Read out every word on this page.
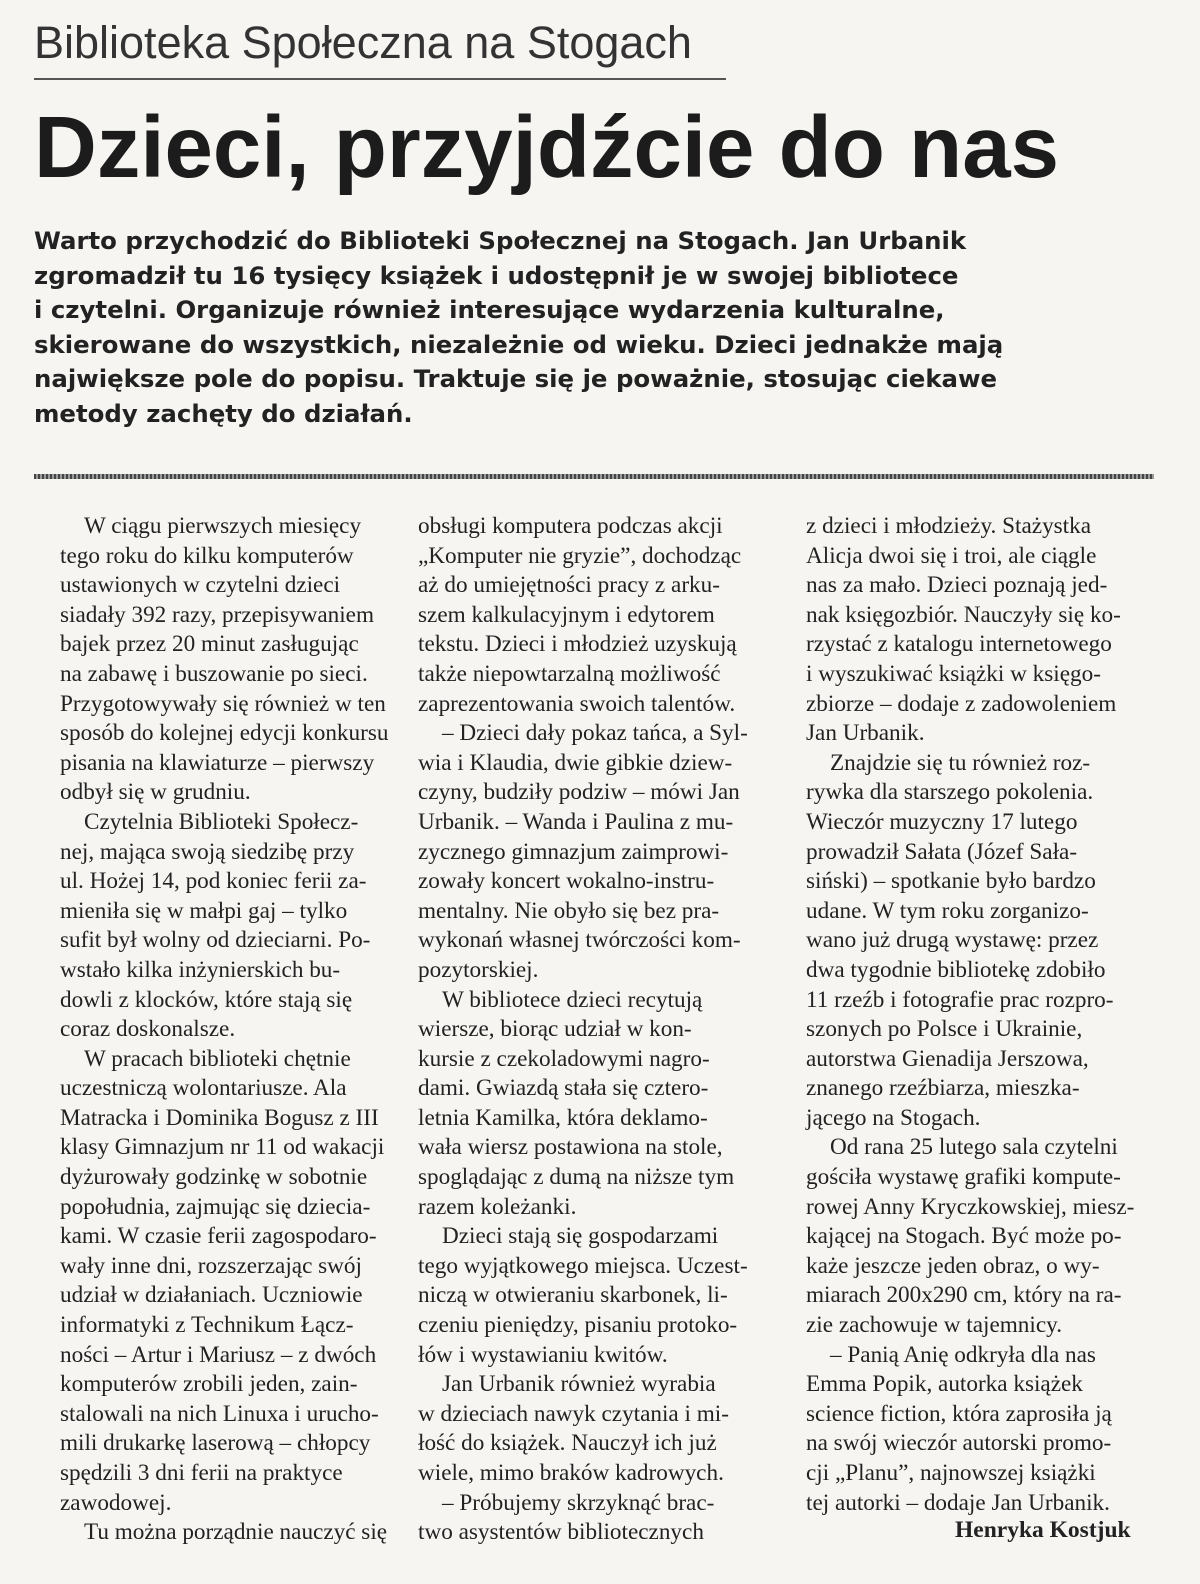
Biblioteka Społeczna na Stogach
Dzieci, przyjdźcie do nas
Warto przychodzić do Biblioteki Społecznej na Stogach. Jan Urbanik
zgromadził tu 16 tysięcy książek i udostępnił je w swojej bibliotece
i czytelni. Organizuje również interesujące wydarzenia kulturalne,
skierowane do wszystkich, niezależnie od wieku. Dzieci jednakże mają
największe pole do popisu. Traktuje się je poważnie, stosując ciekawe
metody zachęty do działań.
W ciągu pierwszych miesięcy
tego roku do kilku komputerów
ustawionych w czytelni dzieci
siadały 392 razy, przepisywaniem
bajek przez 20 minut zasługując
na zabawę i buszowanie po sieci.
Przygotowywały się również w ten
sposób do kolejnej edycji konkursu
pisania na klawiaturze – pierwszy
odbył się w grudniu.
Czytelnia Biblioteki Społecz-
nej, mająca swoją siedzibę przy
ul. Hożej 14, pod koniec ferii za-
mieniła się w małpi gaj – tylko
sufit był wolny od dzieciarni. Po-
wstało kilka inżynierskich bu-
dowli z klocków, które stają się
coraz doskonalsze.
W pracach biblioteki chętnie
uczestniczą wolontariusze. Ala
Matracka i Dominika Bogusz z III
klasy Gimnazjum nr 11 od wakacji
dyżurowały godzinkę w sobotnie
popołudnia, zajmując się dziecia-
kami. W czasie ferii zagospodaro-
wały inne dni, rozszerzając swój
udział w działaniach. Uczniowie
informatyki z Technikum Łącz-
ności – Artur i Mariusz – z dwóch
komputerów zrobili jeden, zain-
stalowali na nich Linuxa i urucho-
mili drukarkę laserową – chłopcy
spędzili 3 dni ferii na praktyce
zawodowej.
Tu można porządnie nauczyć się
obsługi komputera podczas akcji
„Komputer nie gryzie”, dochodząc
aż do umiejętności pracy z arku-
szem kalkulacyjnym i edytorem
tekstu. Dzieci i młodzież uzyskują
także niepowtarzalną możliwość
zaprezentowania swoich talentów.
– Dzieci dały pokaz tańca, a Syl-
wia i Klaudia, dwie gibkie dziew-
czyny, budziły podziw – mówi Jan
Urbanik. – Wanda i Paulina z mu-
zycznego gimnazjum zaimprowi-
zowały koncert wokalno-instru-
mentalny. Nie obyło się bez pra-
wykonań własnej twórczości kom-
pozytorskiej.
W bibliotece dzieci recytują
wiersze, biorąc udział w kon-
kursie z czekoladowymi nagro-
dami. Gwiazdą stała się cztero-
letnia Kamilka, która deklamo-
wała wiersz postawiona na stole,
spoglądając z dumą na niższe tym
razem koleżanki.
Dzieci stają się gospodarzami
tego wyjątkowego miejsca. Uczest-
niczą w otwieraniu skarbonek, li-
czeniu pieniędzy, pisaniu protoko-
łów i wystawianiu kwitów.
Jan Urbanik również wyrabia
w dzieciach nawyk czytania i mi-
łość do książek. Nauczył ich już
wiele, mimo braków kadrowych.
– Próbujemy skrzyknąć brac-
two asystentów bibliotecznych
z dzieci i młodzieży. Stażystka
Alicja dwoi się i troi, ale ciągle
nas za mało. Dzieci poznają jed-
nak księgozbiór. Nauczyły się ko-
rzystać z katalogu internetowego
i wyszukiwać książki w księgo-
zbiorze – dodaje z zadowoleniem
Jan Urbanik.
Znajdzie się tu również roz-
rywka dla starszego pokolenia.
Wieczór muzyczny 17 lutego
prowadził Sałata (Józef Sała-
siński) – spotkanie było bardzo
udane. W tym roku zorganizo-
wano już drugą wystawę: przez
dwa tygodnie bibliotekę zdobiło
11 rzeźb i fotografie prac rozpro-
szonych po Polsce i Ukrainie,
autorstwa Gienadija Jerszowa,
znanego rzeźbiarza, mieszka-
jącego na Stogach.
Od rana 25 lutego sala czytelni
gościła wystawę grafiki kompute-
rowej Anny Kryczkowskiej, miesz-
kającej na Stogach. Być może po-
każe jeszcze jeden obraz, o wy-
miarach 200x290 cm, który na ra-
zie zachowuje w tajemnicy.
– Panią Anię odkryła dla nas
Emma Popik, autorka książek
science fiction, która zaprosiła ją
na swój wieczór autorski promo-
cji „Planu”, najnowszej książki
tej autorki – dodaje Jan Urbanik.
Henryka Kostjuk
